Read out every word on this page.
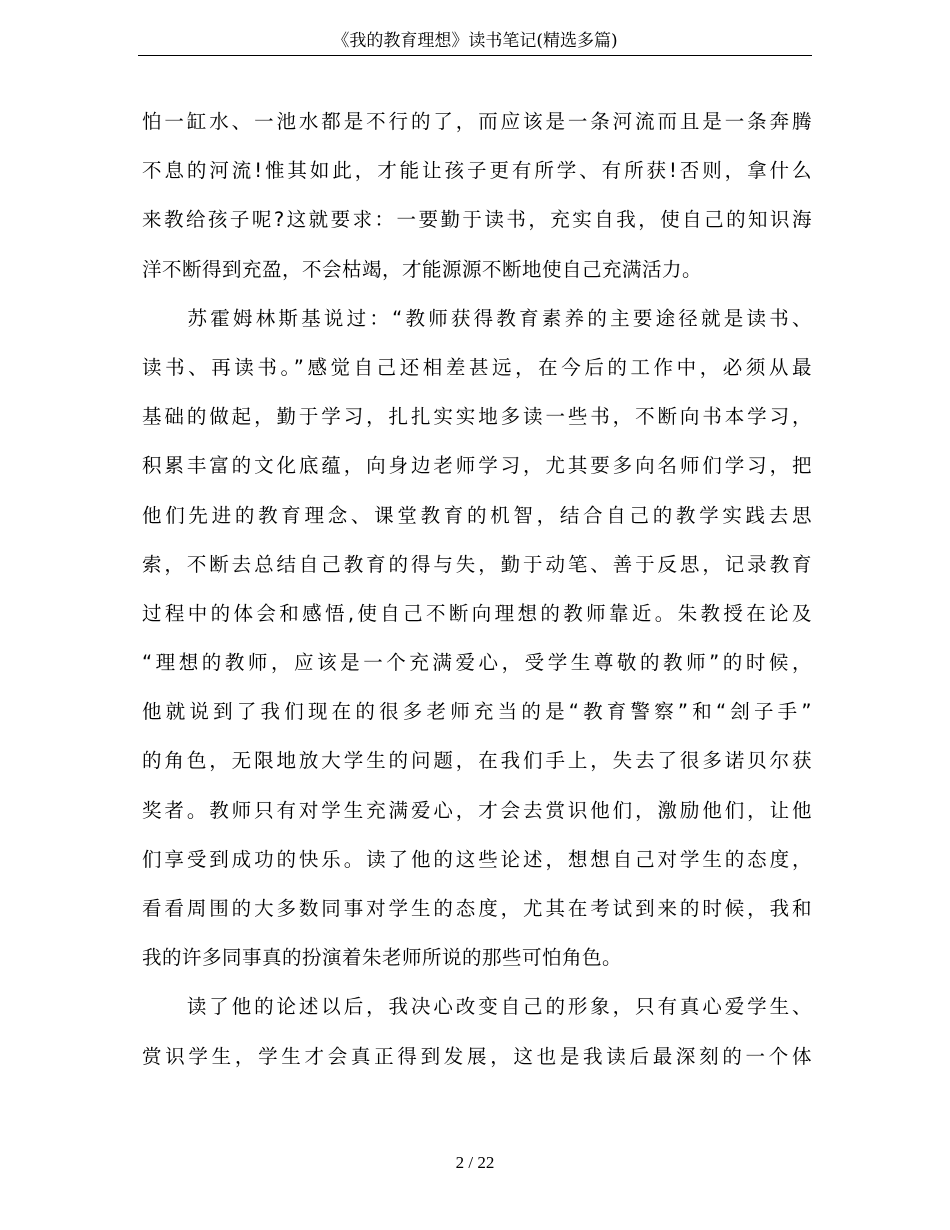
《我的教育理想》读书笔记(精选多篇)
怕一缸水、一池水都是不行的了，而应该是一条河流而且是一条奔腾
不息的河流!惟其如此，才能让孩子更有所学、有所获!否则，拿什么
来教给孩子呢?这就要求：一要勤于读书，充实自我，使自己的知识海
洋不断得到充盈，不会枯竭，才能源源不断地使自己充满活力。
　　苏霍姆林斯基说过：“教师获得教育素养的主要途径就是读书、
读书、再读书。”感觉自己还相差甚远，在今后的工作中，必须从最
基础的做起，勤于学习，扎扎实实地多读一些书，不断向书本学习，
积累丰富的文化底蕴，向身边老师学习，尤其要多向名师们学习，把
他们先进的教育理念、课堂教育的机智，结合自己的教学实践去思
索，不断去总结自己教育的得与失，勤于动笔、善于反思，记录教育
过程中的体会和感悟,使自己不断向理想的教师靠近。朱教授在论及
“理想的教师，应该是一个充满爱心，受学生尊敬的教师”的时候，
他就说到了我们现在的很多老师充当的是“教育警察”和“刽子手”
的角色，无限地放大学生的问题，在我们手上，失去了很多诺贝尔获
奖者。教师只有对学生充满爱心，才会去赏识他们，激励他们，让他
们享受到成功的快乐。读了他的这些论述，想想自己对学生的态度，
看看周围的大多数同事对学生的态度，尤其在考试到来的时候，我和
我的许多同事真的扮演着朱老师所说的那些可怕角色。
　　读了他的论述以后，我决心改变自己的形象，只有真心爱学生、
赏识学生，学生才会真正得到发展，这也是我读后最深刻的一个体
2 / 22
